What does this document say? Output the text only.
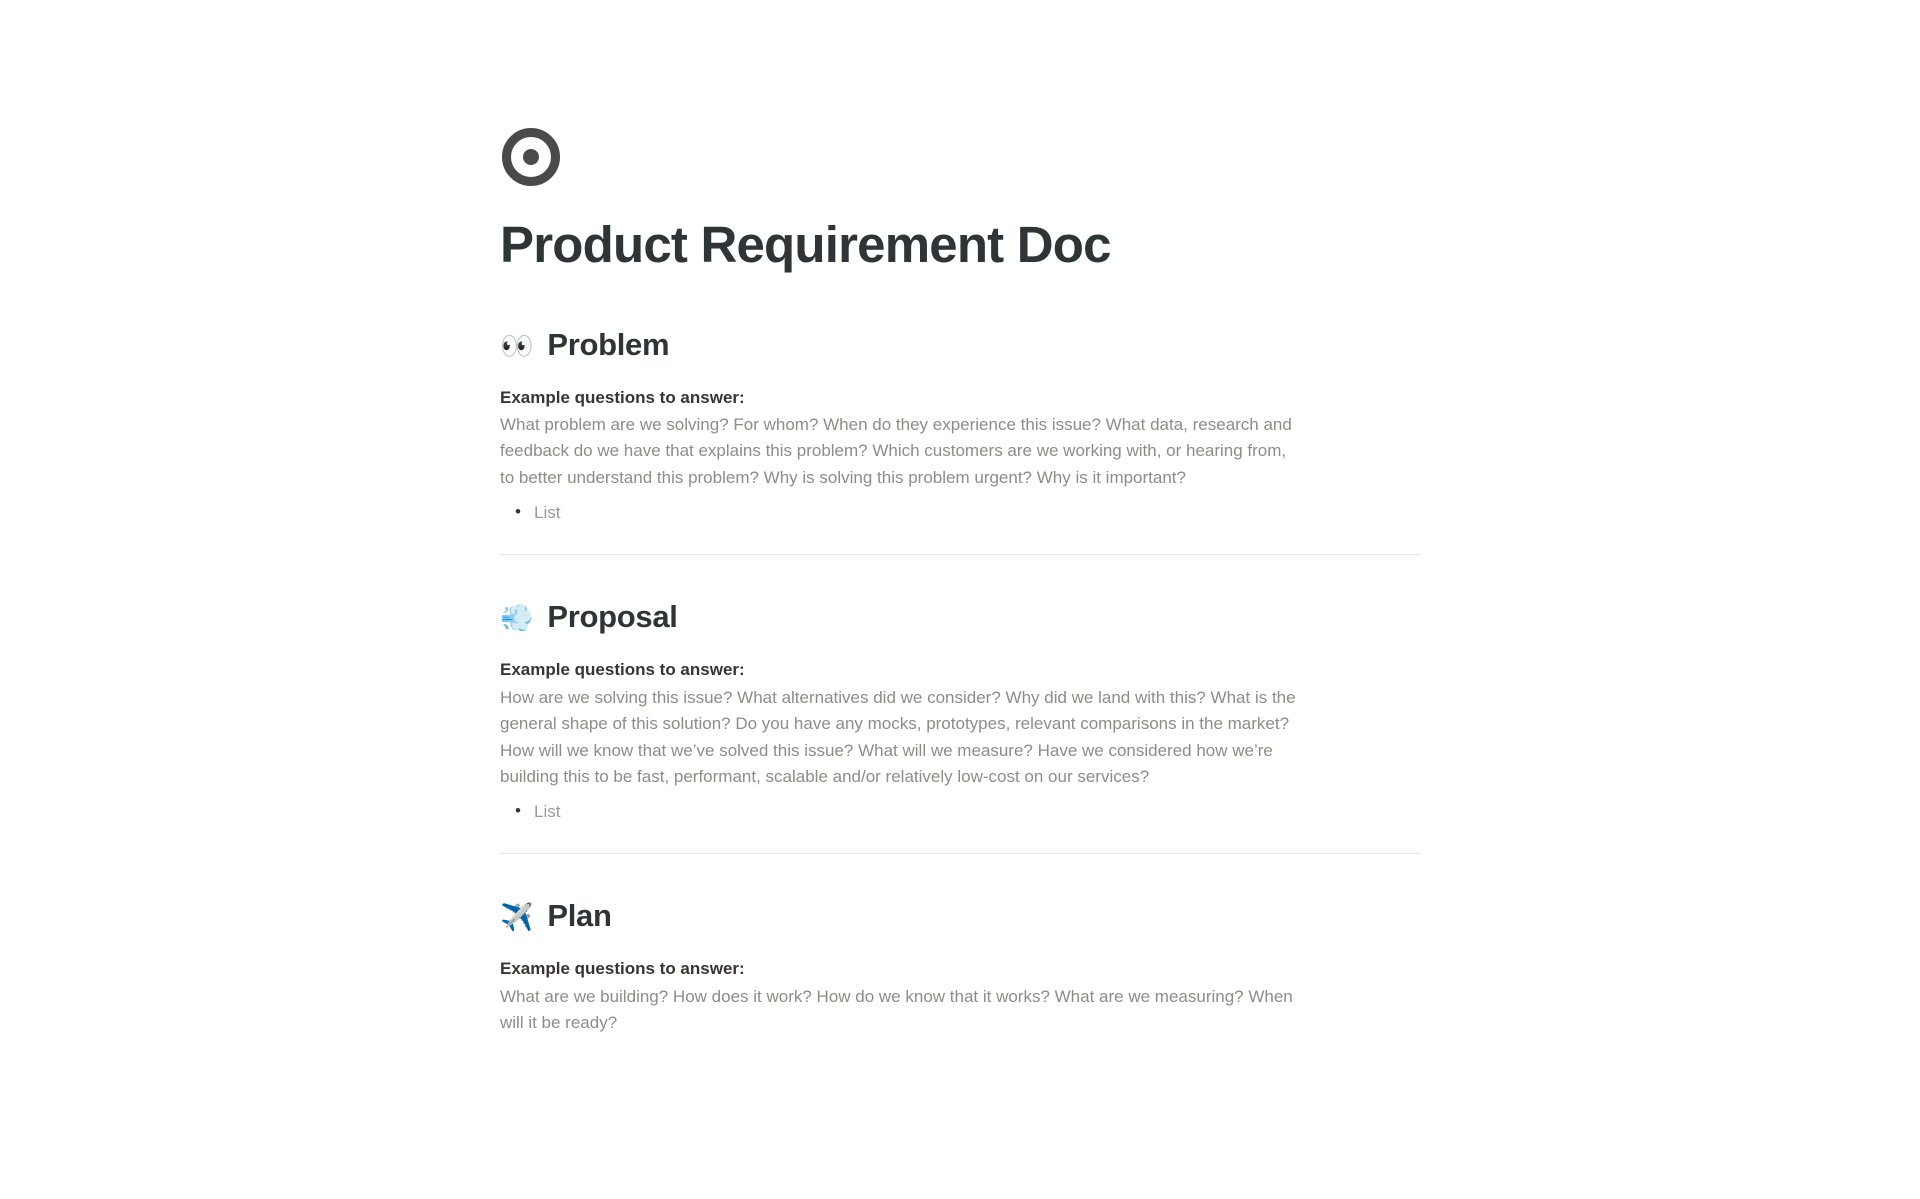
Product Requirement Doc
👀 Problem

Example questions to answer:

What problem are we solving? For whom? When do they experience this issue? What data, research and feedback do we have that explains this problem? Which customers are we working with, or hearing from, to better understand this problem? Why is solving this problem urgent? Why is it important?

• List
💨 Proposal

Example questions to answer:

How are we solving this issue? What alternatives did we consider? Why did we land with this? What is the general shape of this solution? Do you have any mocks, prototypes, relevant comparisons in the market? How will we know that we’ve solved this issue? What will we measure? Have we considered how we’re building this to be fast, performant, scalable and/or relatively low-cost on our services?

• List
✈️ Plan

Example questions to answer:

What are we building? How does it work? How do we know that it works? What are we measuring? When will it be ready?
